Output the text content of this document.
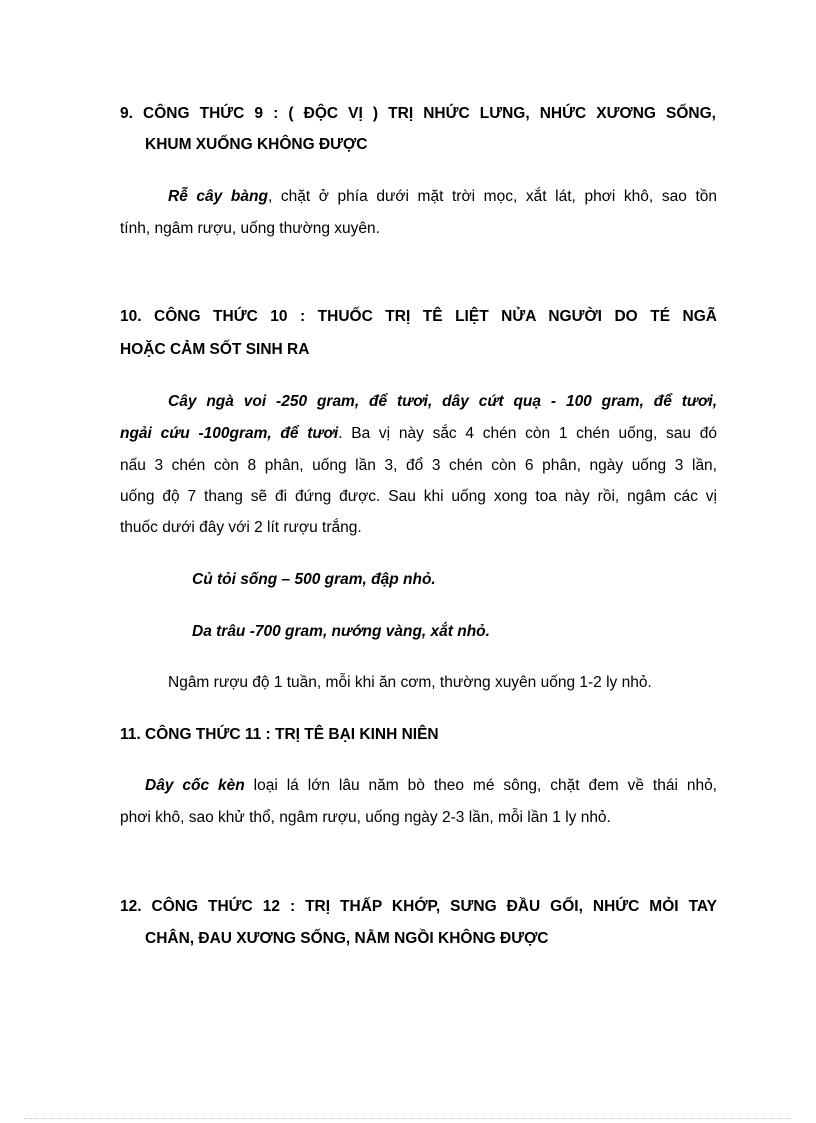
9. CÔNG THỨC 9 : ( ĐỘC VỊ ) TRỊ NHỨC LƯNG, NHỨC XƯƠNG SỐNG,
KHUM XUỐNG KHÔNG ĐƯỢC
Rễ cây bàng, chặt ở phía dưới mặt trời mọc, xắt lát, phơi khô, sao tồn
tính, ngâm rượu, uống thường xuyên.
10. CÔNG THỨC 10 : THUỐC TRỊ TÊ LIỆT NỬA NGƯỜI DO TÉ NGÃ
HOẶC CẢM SỐT SINH RA
Cây ngà voi -250 gram, để tươi, dây cứt quạ - 100 gram, để tươi,
ngải cứu -100gram, để tươi. Ba vị này sắc 4 chén còn 1 chén uống, sau đó
nấu 3 chén còn 8 phân, uống lần 3, đổ 3 chén còn 6 phân, ngày uống 3 lần,
uống độ 7 thang sẽ đi đứng được. Sau khi uống xong toa này rồi, ngâm các vị
thuốc dưới đây với 2 lít rượu trắng.
Củ tỏi sống – 500 gram, đập nhỏ.
Da trâu -700 gram, nướng vàng, xắt nhỏ.
Ngâm rượu độ 1 tuần, mỗi khi ăn cơm, thường xuyên uống 1-2 ly nhỏ.
11. CÔNG THỨC 11 : TRỊ TÊ BẠI KINH NIÊN
Dây cốc kèn loại lá lớn lâu năm bò theo mé sông, chặt đem về thái nhỏ,
phơi khô, sao khử thổ, ngâm rượu, uống ngày 2-3 lần, mỗi lần 1 ly nhỏ.
12. CÔNG THỨC 12 : TRỊ THẤP KHỚP, SƯNG ĐẦU GỐI, NHỨC MỎI TAY
CHÂN, ĐAU XƯƠNG SỐNG, NẰM NGỒI KHÔNG ĐƯỢC
